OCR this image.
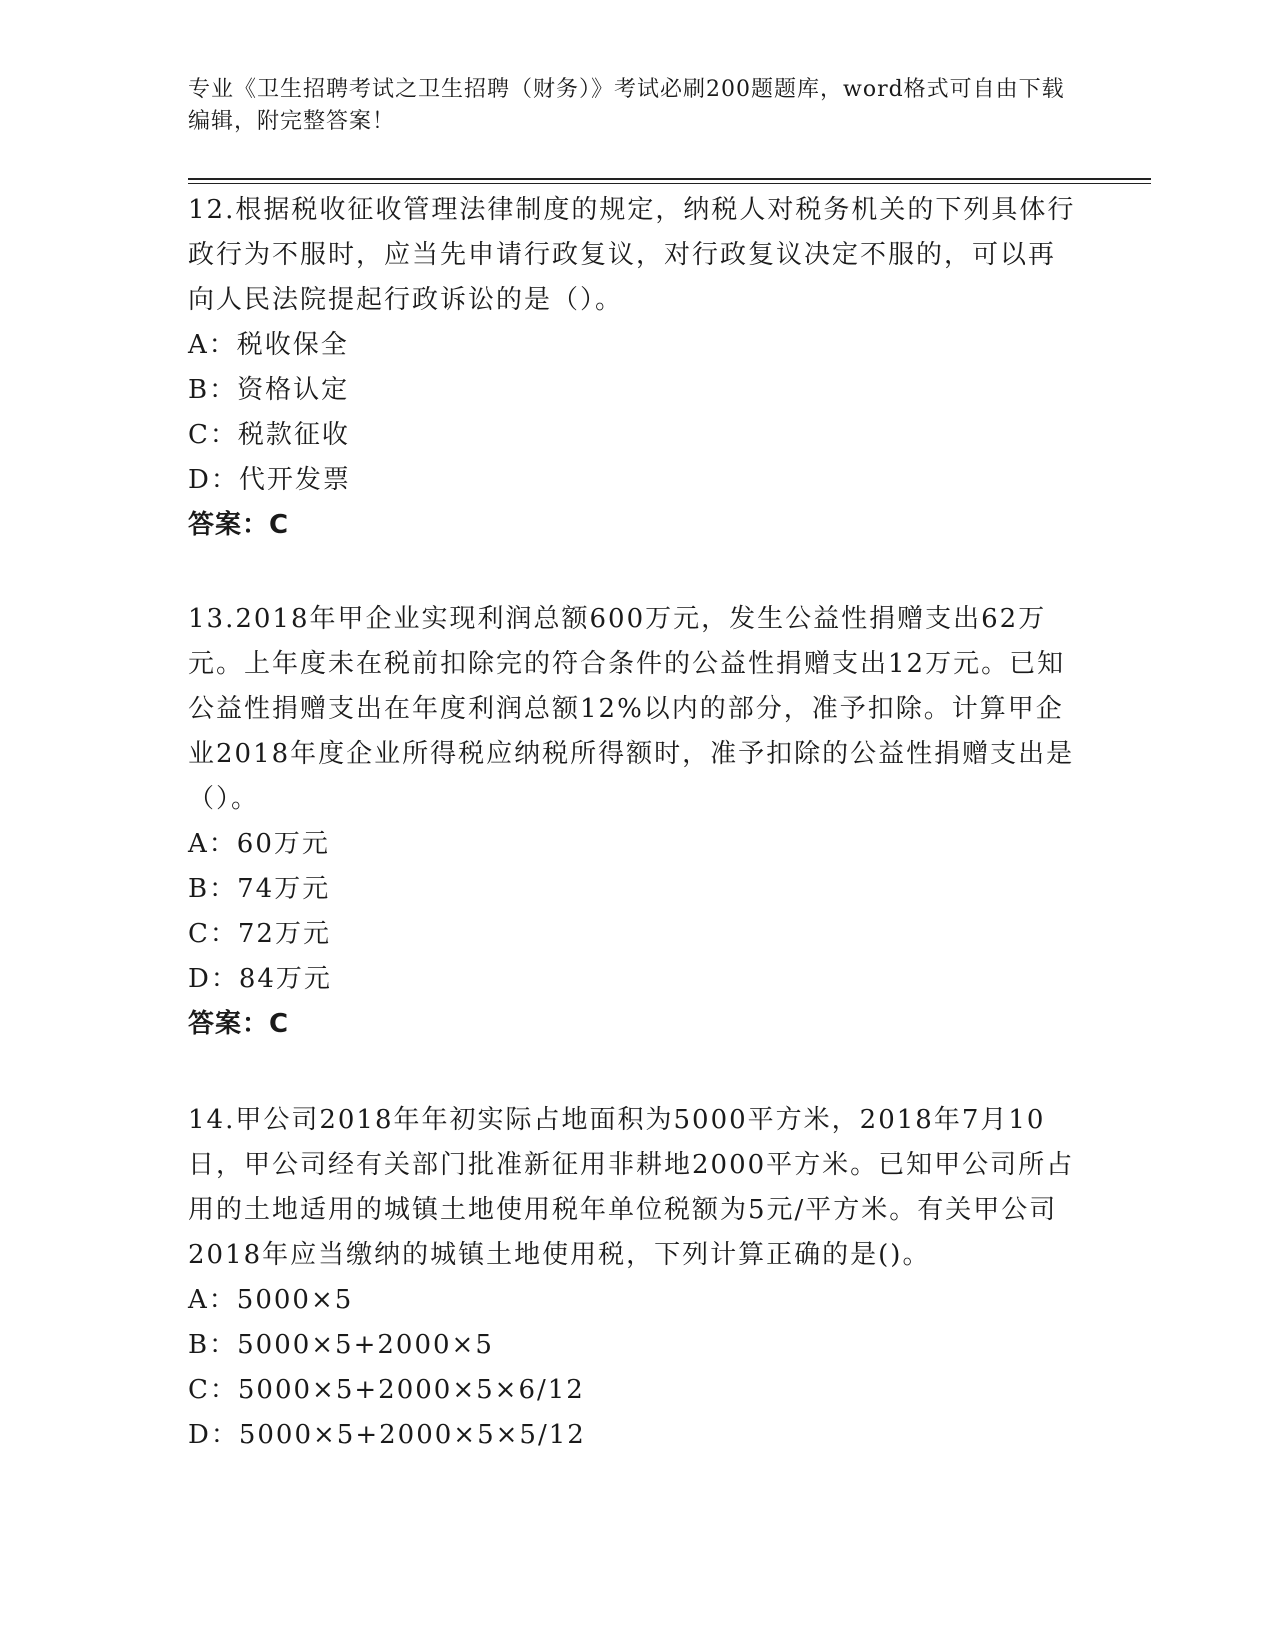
专业《卫生招聘考试之卫生招聘（财务）》考试必刷200题题库，word格式可自由下载编辑，附完整答案！

12.根据税收征收管理法律制度的规定，纳税人对税务机关的下列具体行政行为不服时，应当先申请行政复议，对行政复议决定不服的，可以再向人民法院提起行政诉讼的是（）。

A：税收保全

B：资格认定

C：税款征收

D：代开发票

答案：C

13.2018年甲企业实现利润总额600万元，发生公益性捐赠支出62万元。上年度未在税前扣除完的符合条件的公益性捐赠支出12万元。已知公益性捐赠支出在年度利润总额12%以内的部分，准予扣除。计算甲企业2018年度企业所得税应纳税所得额时，准予扣除的公益性捐赠支出是（）。

A：60万元

B：74万元

C：72万元

D：84万元

答案：C

14.甲公司2018年年初实际占地面积为5000平方米，2018年7月10日，甲公司经有关部门批准新征用非耕地2000平方米。已知甲公司所占用的土地适用的城镇土地使用税年单位税额为5元/平方米。有关甲公司2018年应当缴纳的城镇土地使用税，下列计算正确的是()。

A：5000×5

B：5000×5+2000×5

C：5000×5+2000×5×6/12

D：5000×5+2000×5×5/12
